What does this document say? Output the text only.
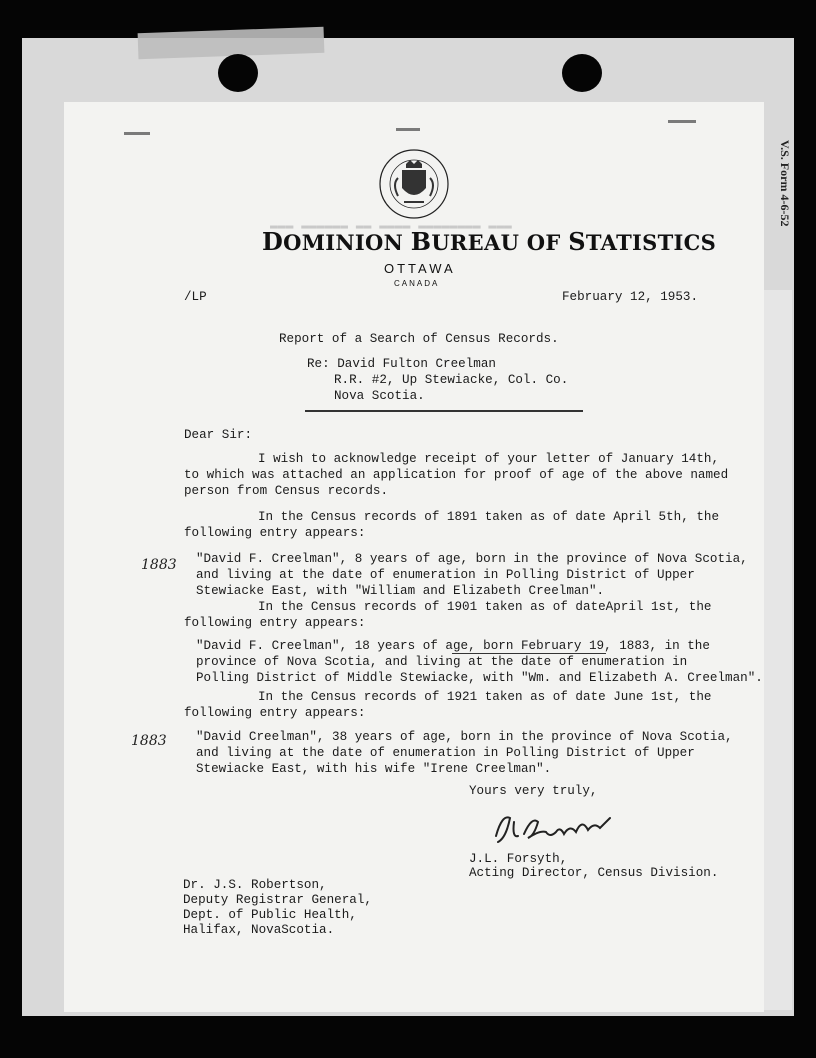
V.S. Form 4-6-52
▬▬▬ ▬▬▬▬▬▬ ▬▬ ▬▬▬▬ ▬▬▬▬▬▬▬▬ ▬▬▬
DOMINION BUREAU OF STATISTICS
OTTAWA
CANADA
/LP	February 12, 1953.
Report of a Search of Census Records.
Re: David Fulton Creelman
R.R. #2, Up Stewiacke, Col. Co.
Nova Scotia.
Dear Sir:
I wish to acknowledge receipt of your letter of January 14th,
to which was attached an application for proof of age of the above named
person from Census records.
In the Census records of 1891 taken as of date April 5th, the
following entry appears:
1883 "David F. Creelman", 8 years of age, born in the province of Nova Scotia,
and living at the date of enumeration in Polling District of Upper
Stewiacke East, with "William and Elizabeth Creelman".
In the Census records of 1901 taken as of dateApril 1st, the
following entry appears:
"David F. Creelman", 18 years of age, born February 19, 1883, in the
province of Nova Scotia, and living at the date of enumeration in
Polling District of Middle Stewiacke, with "Wm. and Elizabeth A. Creelman".
In the Census records of 1921 taken as of date June 1st, the
following entry appears:
1883 "David Creelman", 38 years of age, born in the province of Nova Scotia,
and living at the date of enumeration in Polling District of Upper
Stewiacke East, with his wife "Irene Creelman".
Yours very truly,
J.L. Forsyth,
Acting Director, Census Division.
Dr. J.S. Robertson,
Deputy Registrar General,
Dept. of Public Health,
Halifax, NovaScotia.
